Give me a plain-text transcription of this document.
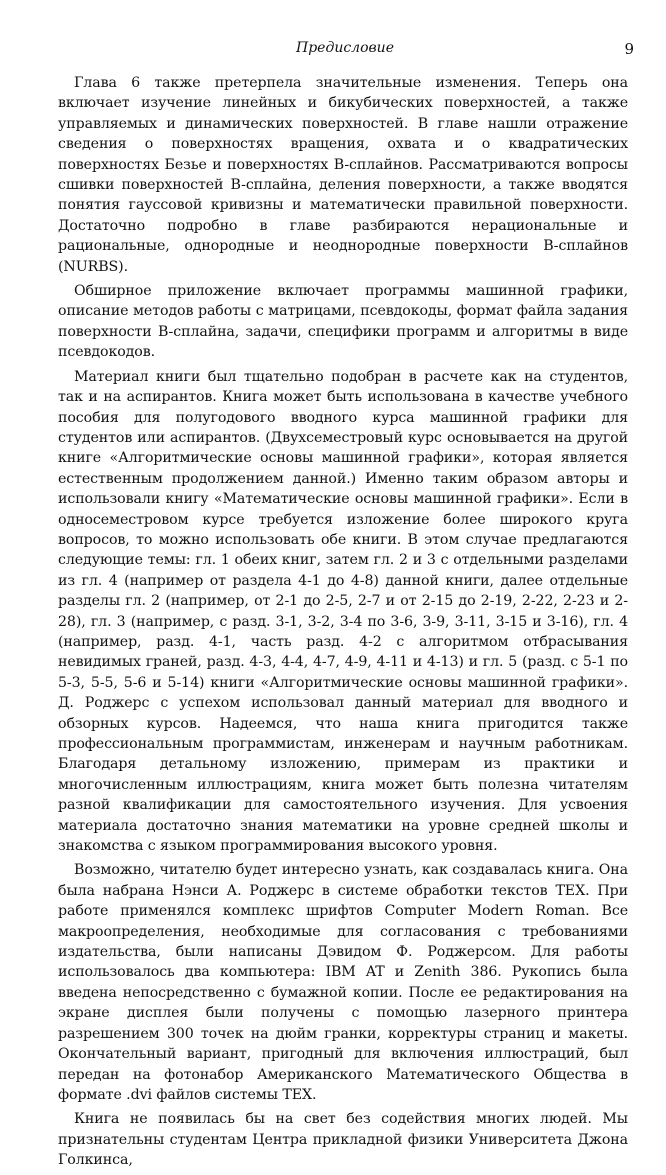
Предисловие	9

Глава 6 также претерпела значительные изменения. Теперь она включает изучение линейных и бикубических поверхностей, а также управляемых и динамических поверхностей. В главе нашли отражение сведения о поверхностях вращения, охвата и о квадратических поверхностях Безье и поверхностях B-сплайнов. Рассматриваются вопросы сшивки поверхностей B-сплайна, деления поверхности, а также вводятся понятия гауссовой кривизны и математически правильной поверхности. Достаточно подробно в главе разбираются нерациональные и рациональные, однородные и неоднородные поверхности B-сплайнов (NURBS).

Обширное приложение включает программы машинной графики, описание методов работы с матрицами, псевдокоды, формат файла задания поверхности B-сплайна, задачи, специфики программ и алгоритмы в виде псевдокодов.

Материал книги был тщательно подобран в расчете как на студентов, так и на аспирантов. Книга может быть использована в качестве учебного пособия для полугодового вводного курса машинной графики для студентов или аспирантов. (Двухсеместровый курс основывается на другой книге «Алгоритмические основы машинной графики», которая является естественным продолжением данной.) Именно таким образом авторы и использовали книгу «Математические основы машинной графики». Если в односеместровом курсе требуется изложение более широкого круга вопросов, то можно использовать обе книги. В этом случае предлагаются следующие темы: гл. 1 обеих книг, затем гл. 2 и 3 с отдельными разделами из гл. 4 (например от раздела 4-1 до 4-8) данной книги, далее отдельные разделы гл. 2 (например, от 2-1 до 2-5, 2-7 и от 2-15 до 2-19, 2-22, 2-23 и 2-28), гл. 3 (например, с разд. 3-1, 3-2, 3-4 по 3-6, 3-9, 3-11, 3-15 и 3-16), гл. 4 (например, разд. 4-1, часть разд. 4-2 с алгоритмом отбрасывания невидимых граней, разд. 4-3, 4-4, 4-7, 4-9, 4-11 и 4-13) и гл. 5 (разд. с 5-1 по 5-3, 5-5, 5-6 и 5-14) книги «Алгоритмические основы машинной графики». Д. Роджерс с успехом использовал данный материал для вводного и обзорных курсов. Надеемся, что наша книга пригодится также профессиональным программистам, инженерам и научным работникам. Благодаря детальному изложению, примерам из практики и многочисленным иллюстрациям, книга может быть полезна читателям разной квалификации для самостоятельного изучения. Для усвоения материала достаточно знания математики на уровне средней школы и знакомства с языком программирования высокого уровня.

Возможно, читателю будет интересно узнать, как создавалась книга. Она была набрана Нэнси А. Роджерс в системе обработки текстов TEX. При работе применялся комплекс шрифтов Computer Modern Roman. Все макроопределения, необходимые для согласования с требованиями издательства, были написаны Дэвидом Ф. Роджерсом. Для работы использовалось два компьютера: IBM AT и Zenith 386. Рукопись была введена непосредственно с бумажной копии. После ее редактирования на экране дисплея были получены с помощью лазерного принтера разрешением 300 точек на дюйм гранки, корректуры страниц и макеты. Окончательный вариант, пригодный для включения иллюстраций, был передан на фотонабор Американского Математического Общества в формате .dvi файлов системы TEX.

Книга не появилась бы на свет без содействия многих людей. Мы признательны студентам Центра прикладной физики Университета Джона Голкинса,
